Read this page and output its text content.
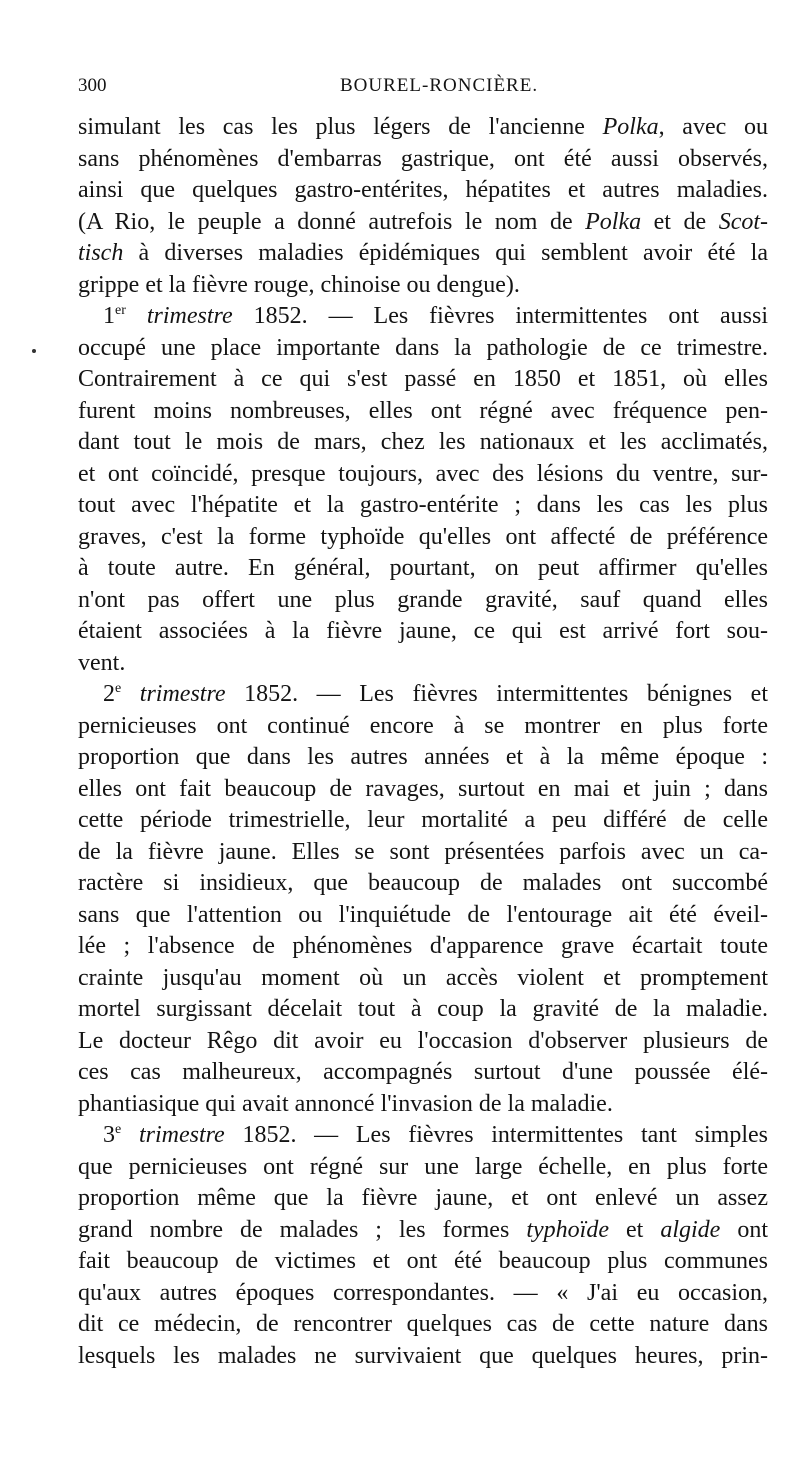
300	BOUREL-RONCIÈRE.
simulant les cas les plus légers de l'ancienne Polka, avec ou
sans phénomènes d'embarras gastrique, ont été aussi observés,
ainsi que quelques gastro-entérites, hépatites et autres maladies.
(A Rio, le peuple a donné autrefois le nom de Polka et de Scot-
tisch à diverses maladies épidémiques qui semblent avoir été la
grippe et la fièvre rouge, chinoise ou dengue).
1er trimestre 1852. — Les fièvres intermittentes ont aussi
occupé une place importante dans la pathologie de ce trimestre.
Contrairement à ce qui s'est passé en 1850 et 1851, où elles
furent moins nombreuses, elles ont régné avec fréquence pen-
dant tout le mois de mars, chez les nationaux et les acclimatés,
et ont coïncidé, presque toujours, avec des lésions du ventre, sur-
tout avec l'hépatite et la gastro-entérite ; dans les cas les plus
graves, c'est la forme typhoïde qu'elles ont affecté de préférence
à toute autre. En général, pourtant, on peut affirmer qu'elles
n'ont pas offert une plus grande gravité, sauf quand elles
étaient associées à la fièvre jaune, ce qui est arrivé fort sou-
vent.
2e trimestre 1852. — Les fièvres intermittentes bénignes et
pernicieuses ont continué encore à se montrer en plus forte
proportion que dans les autres années et à la même époque :
elles ont fait beaucoup de ravages, surtout en mai et juin ; dans
cette période trimestrielle, leur mortalité a peu différé de celle
de la fièvre jaune. Elles se sont présentées parfois avec un ca-
ractère si insidieux, que beaucoup de malades ont succombé
sans que l'attention ou l'inquiétude de l'entourage ait été éveil-
lée ; l'absence de phénomènes d'apparence grave écartait toute
crainte jusqu'au moment où un accès violent et promptement
mortel surgissant décelait tout à coup la gravité de la maladie.
Le docteur Rêgo dit avoir eu l'occasion d'observer plusieurs de
ces cas malheureux, accompagnés surtout d'une poussée élé-
phantiasique qui avait annoncé l'invasion de la maladie.
3e trimestre 1852. — Les fièvres intermittentes tant simples
que pernicieuses ont régné sur une large échelle, en plus forte
proportion même que la fièvre jaune, et ont enlevé un assez
grand nombre de malades ; les formes typhoïde et algide ont
fait beaucoup de victimes et ont été beaucoup plus communes
qu'aux autres époques correspondantes. — « J'ai eu occasion,
dit ce médecin, de rencontrer quelques cas de cette nature dans
lesquels les malades ne survivaient que quelques heures, prin-
